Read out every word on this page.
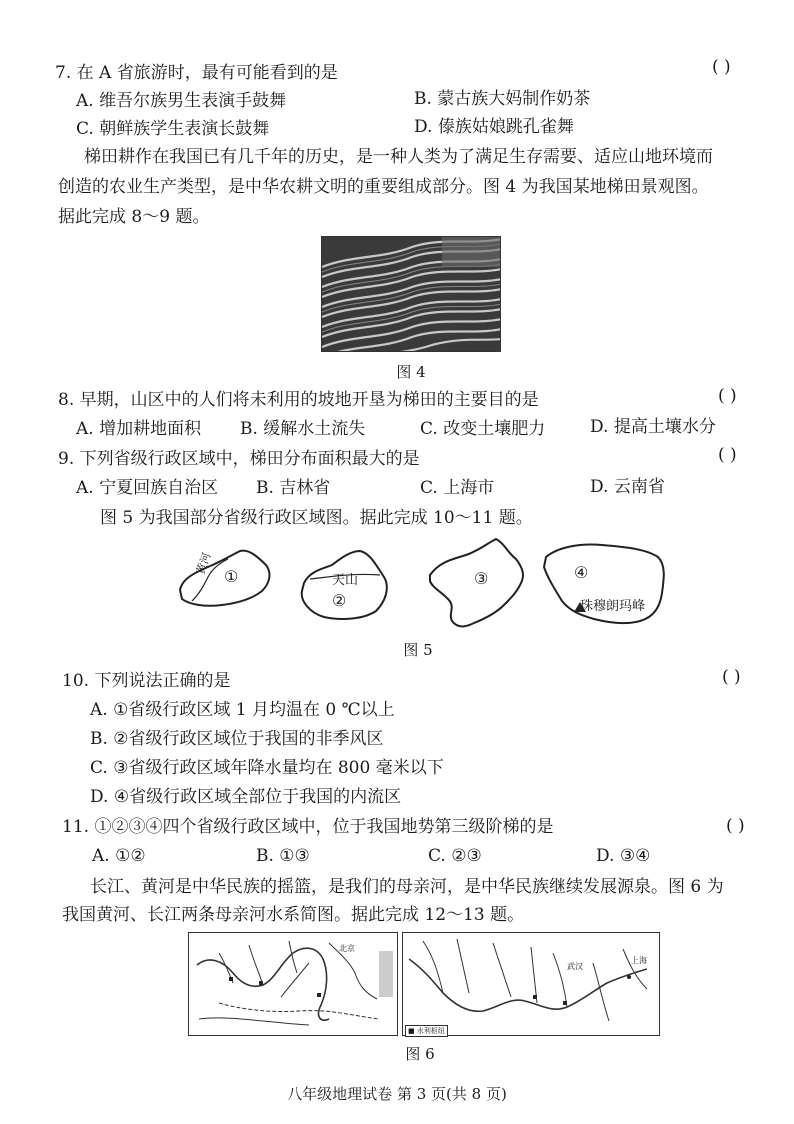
7. 在 A 省旅游时，最有可能看到的是	( )
A. 维吾尔族男生表演手鼓舞	B. 蒙古族大妈制作奶茶
C. 朝鲜族学生表演长鼓舞	D. 傣族姑娘跳孔雀舞
梯田耕作在我国已有几千年的历史，是一种人类为了满足生存需要、适应山地环境而
创造的农业生产类型，是中华农耕文明的重要组成部分。图 4 为我国某地梯田景观图。
据此完成 8～9 题。
图 4
8. 早期，山区中的人们将未利用的坡地开垦为梯田的主要目的是	( )
A. 增加耕地面积 B. 缓解水土流失	C. 改变土壤肥力	D. 提高土壤水分
9. 下列省级行政区域中，梯田分布面积最大的是	( )
A. 宁夏回族自治区 B. 吉林省	C. 上海市	D. 云南省
图 5 为我国部分省级行政区域图。据此完成 10～11 题。
黄河
①	天山
②
③	④
珠穆朗玛峰
图 5
10. 下列说法正确的是	( )
A. ①省级行政区域 1 月均温在 0 ℃以上
B. ②省级行政区域位于我国的非季风区
C. ③省级行政区域年降水量均在 800 毫米以下
D. ④省级行政区域全部位于我国的内流区
11. ①②③④四个省级行政区域中，位于我国地势第三级阶梯的是	( )
A. ①②	B. ①③	C. ②③	D. ③④
长江、黄河是中华民族的摇篮，是我们的母亲河，是中华民族继续发展源泉。图 6 为
我国黄河、长江两条母亲河水系简图。据此完成 12～13 题。
北京
武汉
上海
■ 水利枢纽
图 6
八年级地理试卷 第 3 页(共 8 页)
